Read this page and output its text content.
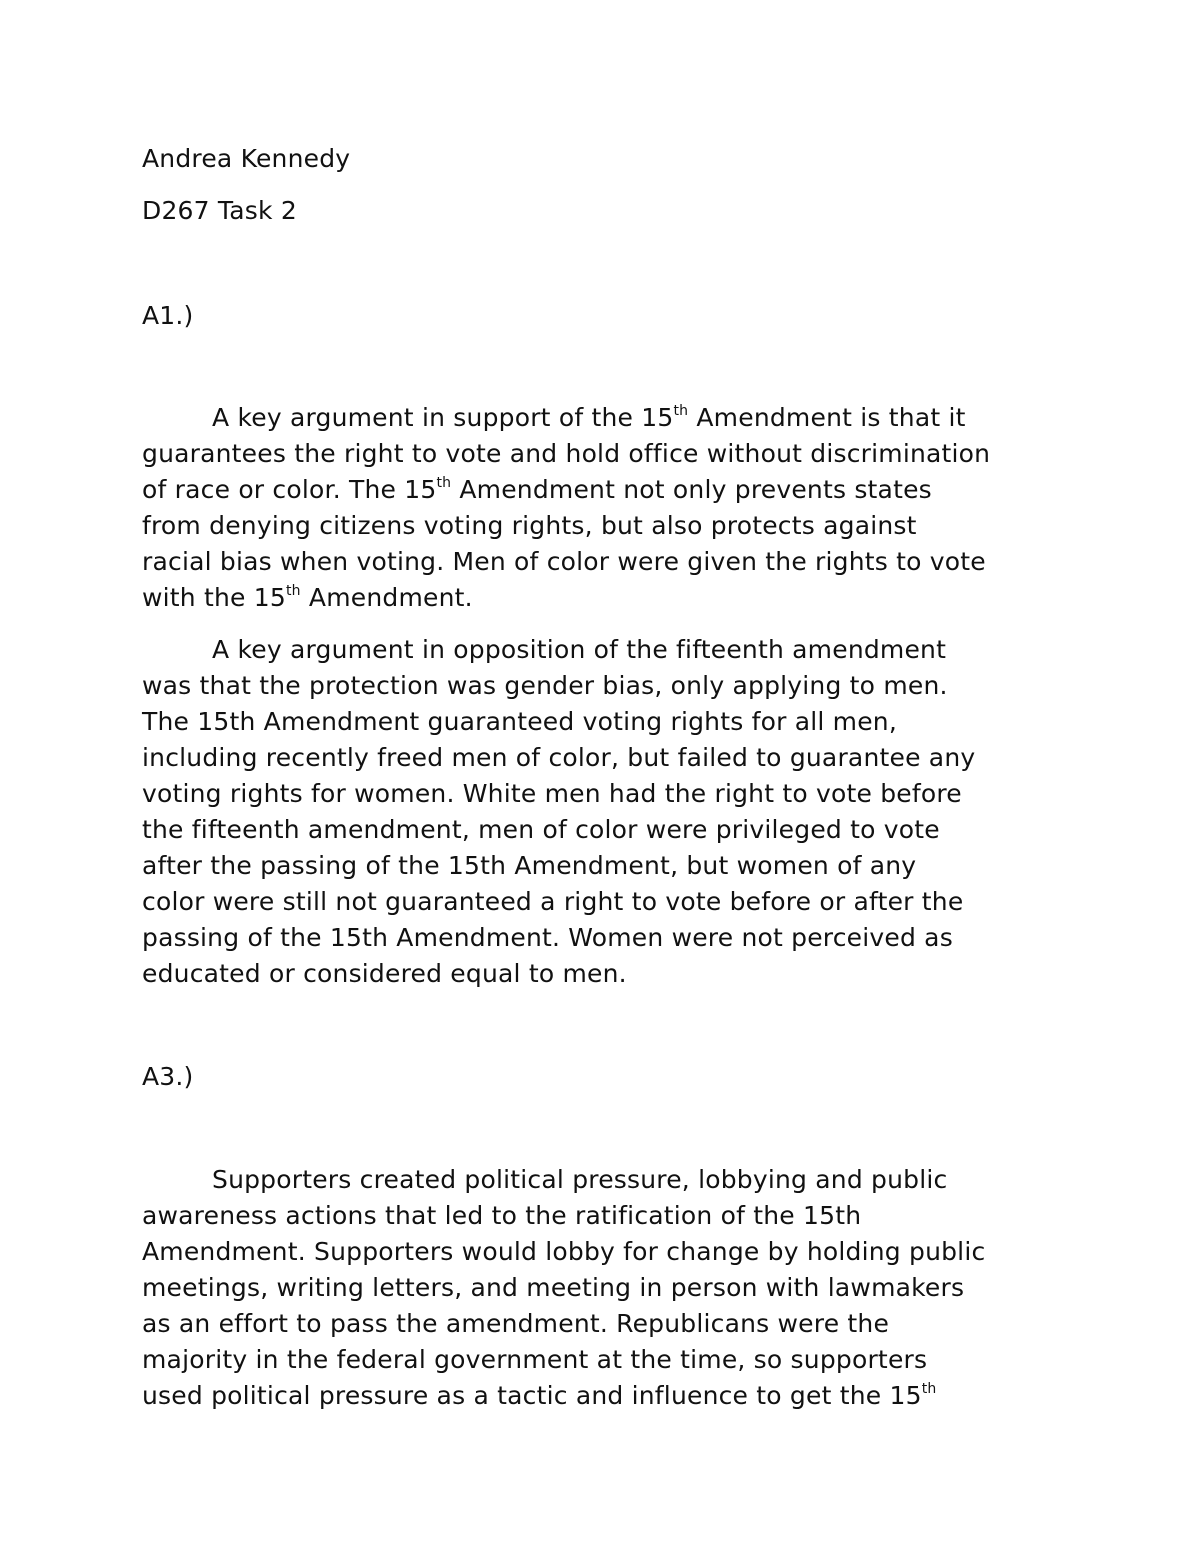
Andrea Kennedy
D267 Task 2
A1.)
A key argument in support of the 15th Amendment is that it
guarantees the right to vote and hold office without discrimination
of race or color. The 15th Amendment not only prevents states
from denying citizens voting rights, but also protects against
racial bias when voting. Men of color were given the rights to vote
with the 15th Amendment.
A key argument in opposition of the fifteenth amendment
was that the protection was gender bias, only applying to men.
The 15th Amendment guaranteed voting rights for all men,
including recently freed men of color, but failed to guarantee any
voting rights for women. White men had the right to vote before
the fifteenth amendment, men of color were privileged to vote
after the passing of the 15th Amendment, but women of any
color were still not guaranteed a right to vote before or after the
passing of the 15th Amendment. Women were not perceived as
educated or considered equal to men.
A3.)
Supporters created political pressure, lobbying and public
awareness actions that led to the ratification of the 15th
Amendment. Supporters would lobby for change by holding public
meetings, writing letters, and meeting in person with lawmakers
as an effort to pass the amendment. Republicans were the
majority in the federal government at the time, so supporters
used political pressure as a tactic and influence to get the 15th
